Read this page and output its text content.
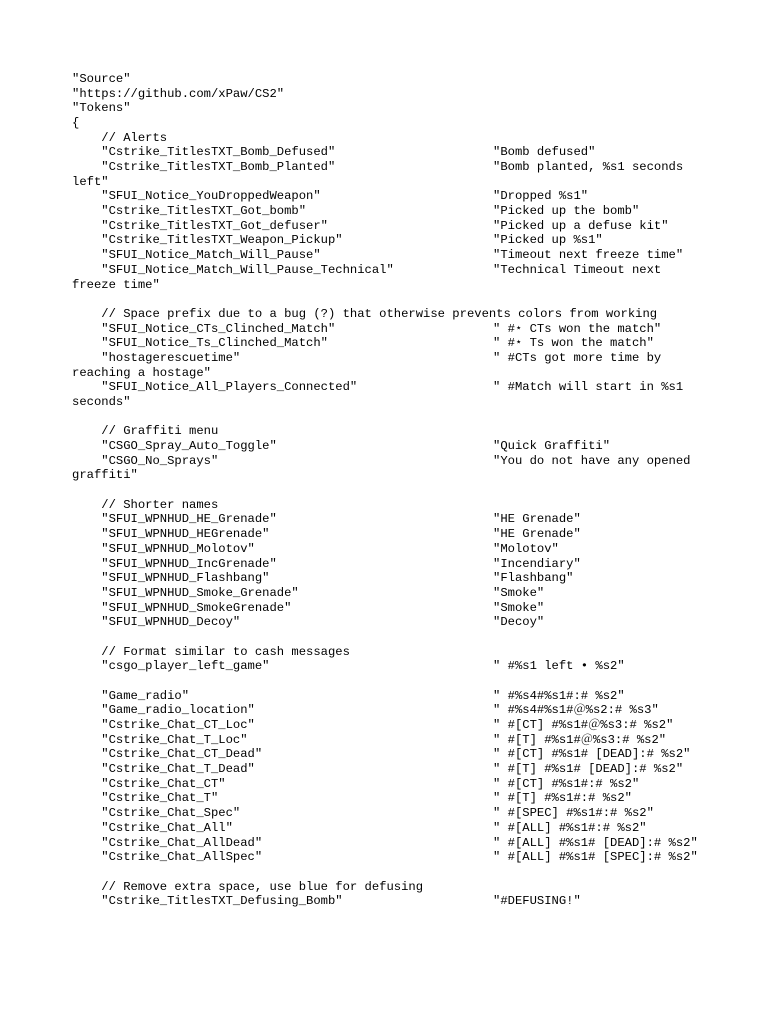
"Source"
"https://github.com/xPaw/CS2"
"Tokens"
{
// Alerts
"Cstrike_TitlesTXT_Bomb_Defused"	"Bomb defused"
"Cstrike_TitlesTXT_Bomb_Planted"	"Bomb planted, %s1 seconds left"
"SFUI_Notice_YouDroppedWeapon"	"Dropped %s1"
"Cstrike_TitlesTXT_Got_bomb"	"Picked up the bomb"
"Cstrike_TitlesTXT_Got_defuser"	"Picked up a defuse kit"
"Cstrike_TitlesTXT_Weapon_Pickup"	"Picked up %s1"
"SFUI_Notice_Match_Will_Pause"	"Timeout next freeze time"
"SFUI_Notice_Match_Will_Pause_Technical"	"Technical Timeout next freeze time"
// Space prefix due to a bug (?) that otherwise prevents colors from working
"SFUI_Notice_CTs_Clinched_Match"	" #⋆ CTs won the match"
"SFUI_Notice_Ts_Clinched_Match"	" #⋆ Ts won the match"
"hostagerescuetime"	" #CTs got more time by reaching a hostage"
"SFUI_Notice_All_Players_Connected"	" #Match will start in %s1 seconds"
// Graffiti menu
"CSGO_Spray_Auto_Toggle"	"Quick Graffiti"
"CSGO_No_Sprays"	"You do not have any opened graffiti"
// Shorter names
"SFUI_WPNHUD_HE_Grenade"	"HE Grenade"
"SFUI_WPNHUD_HEGrenade"	"HE Grenade"
"SFUI_WPNHUD_Molotov"	"Molotov"
"SFUI_WPNHUD_IncGrenade"	"Incendiary"
"SFUI_WPNHUD_Flashbang"	"Flashbang"
"SFUI_WPNHUD_Smoke_Grenade"	"Smoke"
"SFUI_WPNHUD_SmokeGrenade"	"Smoke"
"SFUI_WPNHUD_Decoy"	"Decoy"
// Format similar to cash messages
"csgo_player_left_game"	" #%s1 left • %s2"
"Game_radio"	" #%s4#%s1#:# %s2"
"Game_radio_location"	" #%s4#%s1#＠%s2:# %s3"
"Cstrike_Chat_CT_Loc"	" #[CT] #%s1#＠%s3:# %s2"
"Cstrike_Chat_T_Loc"	" #[T] #%s1#＠%s3:# %s2"
"Cstrike_Chat_CT_Dead"	" #[CT] #%s1# [DEAD]:# %s2"
"Cstrike_Chat_T_Dead"	" #[T] #%s1# [DEAD]:# %s2"
"Cstrike_Chat_CT"	" #[CT] #%s1#:# %s2"
"Cstrike_Chat_T"	" #[T] #%s1#:# %s2"
"Cstrike_Chat_Spec"	" #[SPEC] #%s1#:# %s2"
"Cstrike_Chat_All"	" #[ALL] #%s1#:# %s2"
"Cstrike_Chat_AllDead"	" #[ALL] #%s1# [DEAD]:# %s2"
"Cstrike_Chat_AllSpec"	" #[ALL] #%s1# [SPEC]:# %s2"
// Remove extra space, use blue for defusing
"Cstrike_TitlesTXT_Defusing_Bomb"	"#DEFUSING!"
